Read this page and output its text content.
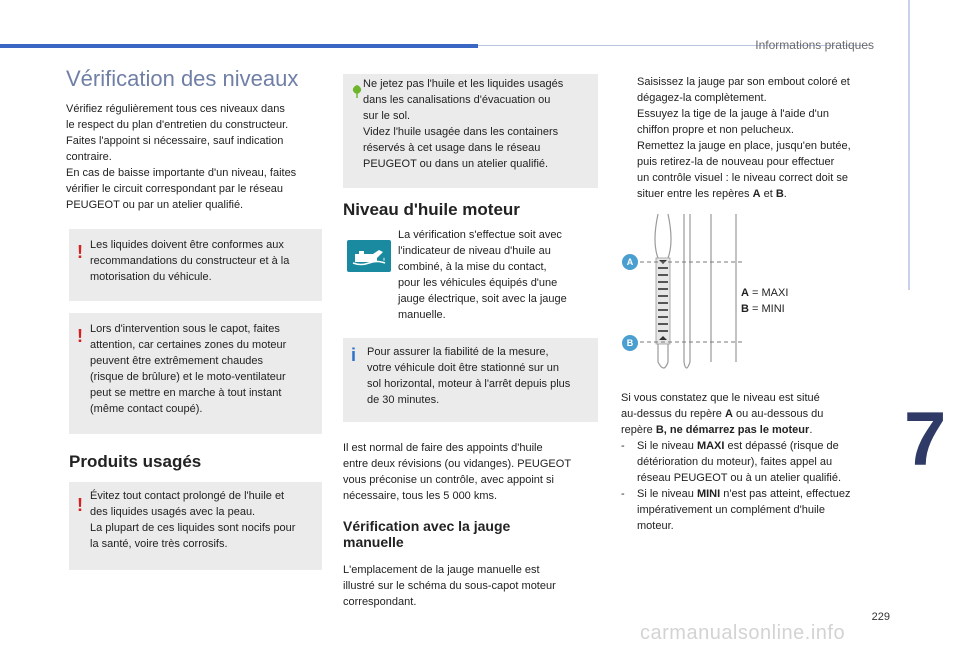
Informations pratiques
7
229
carmanualsonline.info
Vérification des niveaux

Vérifiez régulièrement tous ces niveaux dans
le respect du plan d'entretien du constructeur.
Faites l'appoint si nécessaire, sauf indication
contraire.
En cas de baisse importante d'un niveau, faites
vérifier le circuit correspondant par le réseau
PEUGEOT ou par un atelier qualifié.

! Les liquides doivent être conformes aux
recommandations du constructeur et à la
motorisation du véhicule.

! Lors d'intervention sous le capot, faites
attention, car certaines zones du moteur
peuvent être extrêmement chaudes
(risque de brûlure) et le moto-ventilateur
peut se mettre en marche à tout instant
(même contact coupé).

Produits usagés
! Évitez tout contact prolongé de l'huile et
des liquides usagés avec la peau.
La plupart de ces liquides sont nocifs pour
la santé, voire très corrosifs.

Ne jetez pas l'huile et les liquides usagés
dans les canalisations d'évacuation ou
sur le sol.
Videz l'huile usagée dans les containers
réservés à cet usage dans le réseau
PEUGEOT ou dans un atelier qualifié.

Niveau d'huile moteur

La vérification s'effectue soit avec
l'indicateur de niveau d'huile au
combiné, à la mise du contact,
pour les véhicules équipés d'une
jauge électrique, soit avec la jauge
manuelle.

i Pour assurer la fiabilité de la mesure,
votre véhicule doit être stationné sur un
sol horizontal, moteur à l'arrêt depuis plus
de 30 minutes.

Il est normal de faire des appoints d'huile
entre deux révisions (ou vidanges). PEUGEOT
vous préconise un contrôle, avec appoint si
nécessaire, tous les 5 000 kms.

Vérification avec la jauge
manuelle

L'emplacement de la jauge manuelle est
illustré sur le schéma du sous-capot moteur
correspondant.

Saisissez la jauge par son embout coloré et
dégagez-la complètement.
Essuyez la tige de la jauge à l'aide d'un
chiffon propre et non pelucheux.
Remettez la jauge en place, jusqu'en butée,
puis retirez-la de nouveau pour effectuer
un contrôle visuel : le niveau correct doit se
situer entre les repères A et B.
A
B
A = MAXI
B = MINI

Si vous constatez que le niveau est situé
au-dessus du repère A ou au-dessous du
repère B, ne démarrez pas le moteur.

- Si le niveau MAXI est dépassé (risque de
détérioration du moteur), faites appel au
réseau PEUGEOT ou à un atelier qualifié.
- Si le niveau MINI n'est pas atteint, effectuez
impérativement un complément d'huile
moteur.
